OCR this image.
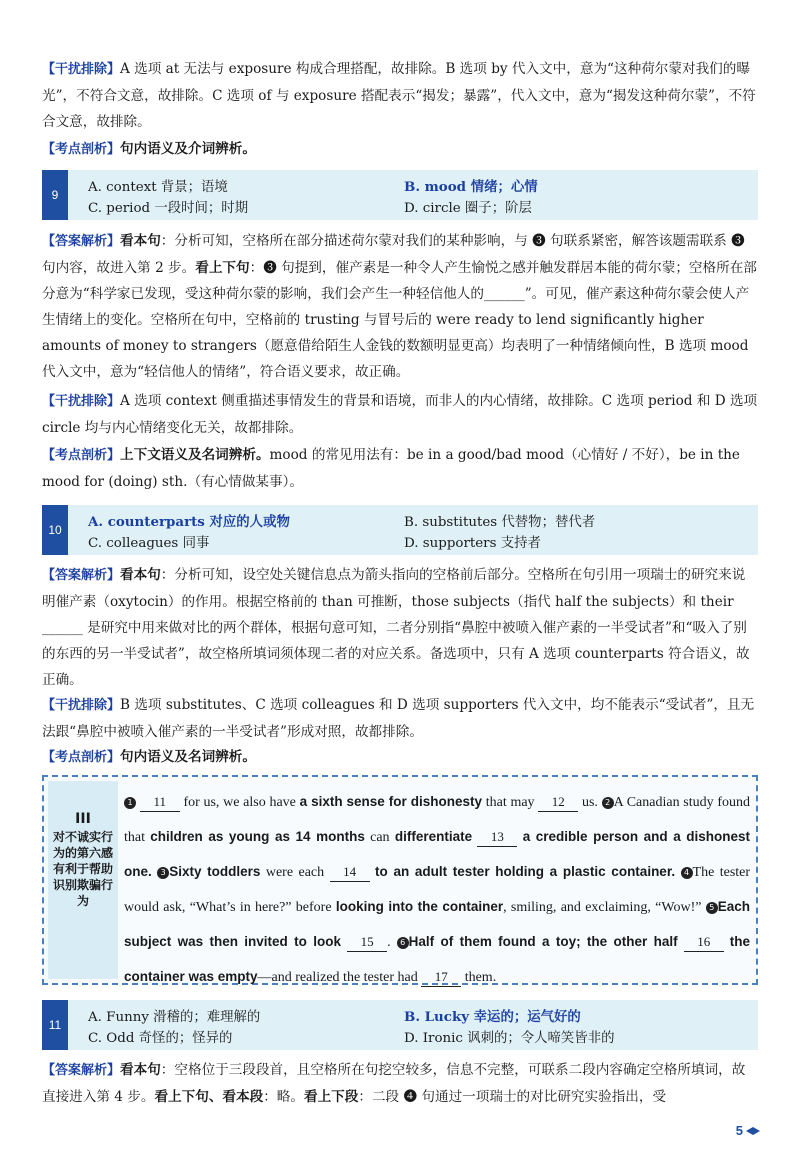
【干扰排除】A 选项 at 无法与 exposure 构成合理搭配，故排除。B 选项 by 代入文中，意为“这种荷尔蒙对我们的曝光”，不符合文意，故排除。C 选项 of 与 exposure 搭配表示“揭发；暴露”，代入文中，意为“揭发这种荷尔蒙”，不符合文意，故排除。

【考点剖析】句内语义及介词辨析。

9	A. context 背景；语境	B. mood 情绪；心情
C. period 一段时间；时期	D. circle 圈子；阶层

【答案解析】看本句：分析可知，空格所在部分描述荷尔蒙对我们的某种影响，与 ❸ 句联系紧密，解答该题需联系 ❸ 句内容，故进入第 2 步。看上下句：❸ 句提到，催产素是一种令人产生愉悦之感并触发群居本能的荷尔蒙；空格所在部分意为“科学家已发现，受这种荷尔蒙的影响，我们会产生一种轻信他人的______”。可见，催产素这种荷尔蒙会使人产生情绪上的变化。空格所在句中，空格前的 trusting 与冒号后的 were ready to lend significantly higher amounts of money to strangers（愿意借给陌生人金钱的数额明显更高）均表明了一种情绪倾向性，B 选项 mood 代入文中，意为“轻信他人的情绪”，符合语义要求，故正确。

【干扰排除】A 选项 context 侧重描述事情发生的背景和语境，而非人的内心情绪，故排除。C 选项 period 和 D 选项 circle 均与内心情绪变化无关，故都排除。

【考点剖析】上下文语义及名词辨析。mood 的常见用法有：be in a good/bad mood（心情好 / 不好），be in the mood for (doing) sth.（有心情做某事）。

10	A. counterparts 对应的人或物	B. substitutes 代替物；替代者
C. colleagues 同事	D. supporters 支持者

【答案解析】看本句：分析可知，设空处关键信息点为箭头指向的空格前后部分。空格所在句引用一项瑞士的研究来说明催产素（oxytocin）的作用。根据空格前的 than 可推断，those subjects（指代 half the subjects）和 their ______ 是研究中用来做对比的两个群体，根据句意可知，二者分别指“鼻腔中被喷入催产素的一半受试者”和“吸入了别的东西的另一半受试者”，故空格所填词须体现二者的对应关系。备选项中，只有 A 选项 counterparts 符合语义，故正确。

【干扰排除】B 选项 substitutes、C 选项 colleagues 和 D 选项 supporters 代入文中，均不能表示“受试者”，且无法跟“鼻腔中被喷入催产素的一半受试者”形成对照，故都排除。

【考点剖析】句内语义及名词辨析。

III
对不诚实行为的第六感有利于帮助识别欺骗行为
1 11 for us, we also have a sixth sense for dishonesty that may 12 us. 2 A Canadian study found that children as young as 14 months can differentiate 13 a credible person and a dishonest one. 3 Sixty toddlers were each 14 to an adult tester holding a plastic container. 4 The tester would ask, “What’s in here?” before looking into the container, smiling, and exclaiming, “Wow!” 5 Each subject was then invited to look 15 . 6 Half of them found a toy; the other half 16 the container was empty—and realized the tester had 17 them.
11	A. Funny 滑稽的；难理解的	B. Lucky 幸运的；运气好的
C. Odd 奇怪的；怪异的	D. Ironic 讽刺的；令人啼笑皆非的

【答案解析】看本句：空格位于三段段首，且空格所在句挖空较多，信息不完整，可联系二段内容确定空格所填词，故直接进入第 4 步。看上下句、看本段：略。看上下段：二段 ❹ 句通过一项瑞士的对比研究实验指出，受

5
